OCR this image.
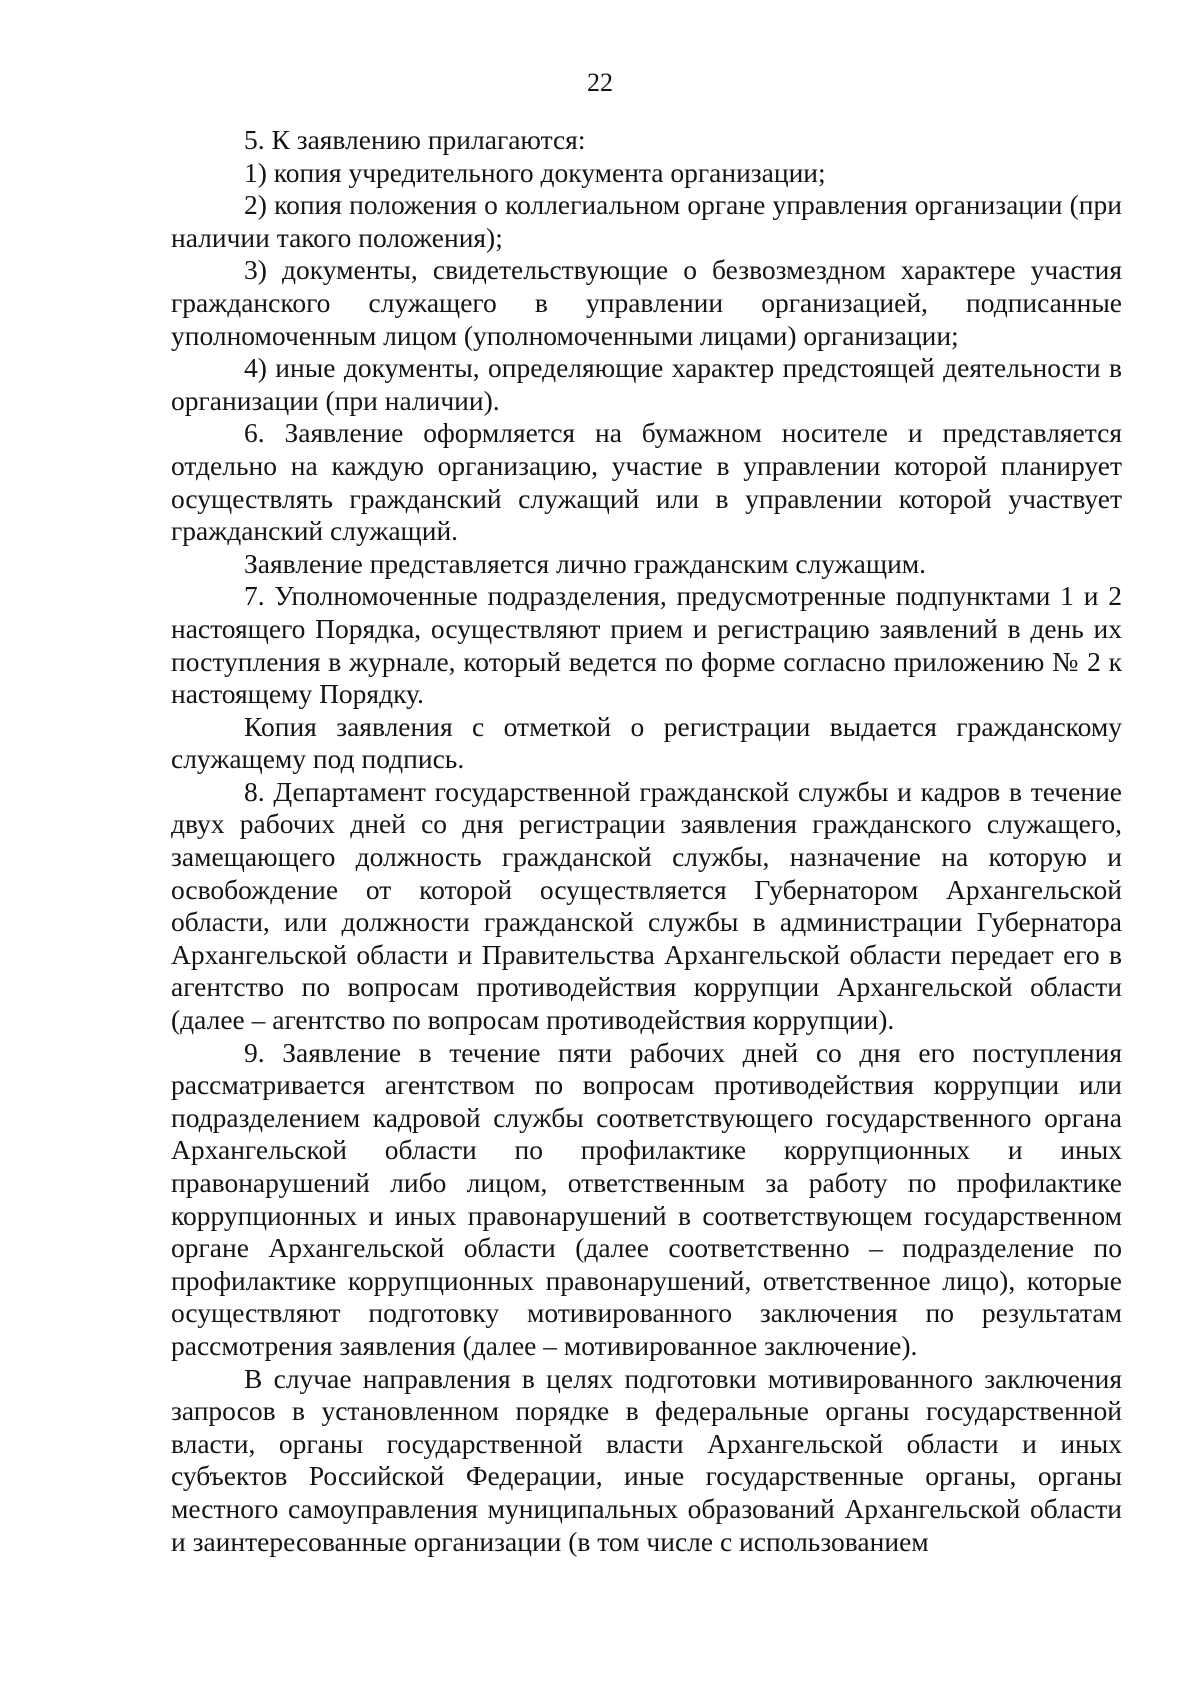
22

5. К заявлению прилагаются:

1) копия учредительного документа организации;

2) копия положения о коллегиальном органе управления организации (при наличии такого положения);

3) документы, свидетельствующие о безвозмездном характере участия гражданского служащего в управлении организацией, подписанные уполномоченным лицом (уполномоченными лицами) организации;

4) иные документы, определяющие характер предстоящей деятельности в организации (при наличии).

6. Заявление оформляется на бумажном носителе и представляется отдельно на каждую организацию, участие в управлении которой планирует осуществлять гражданский служащий или в управлении которой участвует гражданский служащий.

Заявление представляется лично гражданским служащим.

7. Уполномоченные подразделения, предусмотренные подпунктами 1 и 2 настоящего Порядка, осуществляют прием и регистрацию заявлений в день их поступления в журнале, который ведется по форме согласно приложению № 2 к настоящему Порядку.

Копия заявления с отметкой о регистрации выдается гражданскому служащему под подпись.

8. Департамент государственной гражданской службы и кадров в течение двух рабочих дней со дня регистрации заявления гражданского служащего, замещающего должность гражданской службы, назначение на которую и освобождение от которой осуществляется Губернатором Архангельской области, или должности гражданской службы в администрации Губернатора Архангельской области и Правительства Архангельской области передает его в агентство по вопросам противодействия коррупции Архангельской области (далее – агентство по вопросам противодействия коррупции).

9. Заявление в течение пяти рабочих дней со дня его поступления рассматривается агентством по вопросам противодействия коррупции или подразделением кадровой службы соответствующего государственного органа Архангельской области по профилактике коррупционных и иных правонарушений либо лицом, ответственным за работу по профилактике коррупционных и иных правонарушений в соответствующем государственном органе Архангельской области (далее соответственно – подразделение по профилактике коррупционных правонарушений, ответственное лицо), которые осуществляют подготовку мотивированного заключения по результатам рассмотрения заявления (далее – мотивированное заключение).

В случае направления в целях подготовки мотивированного заключения запросов в установленном порядке в федеральные органы государственной власти, органы государственной власти Архангельской области и иных субъектов Российской Федерации, иные государственные органы, органы местного самоуправления муниципальных образований Архангельской области и заинтересованные организации (в том числе с использованием
